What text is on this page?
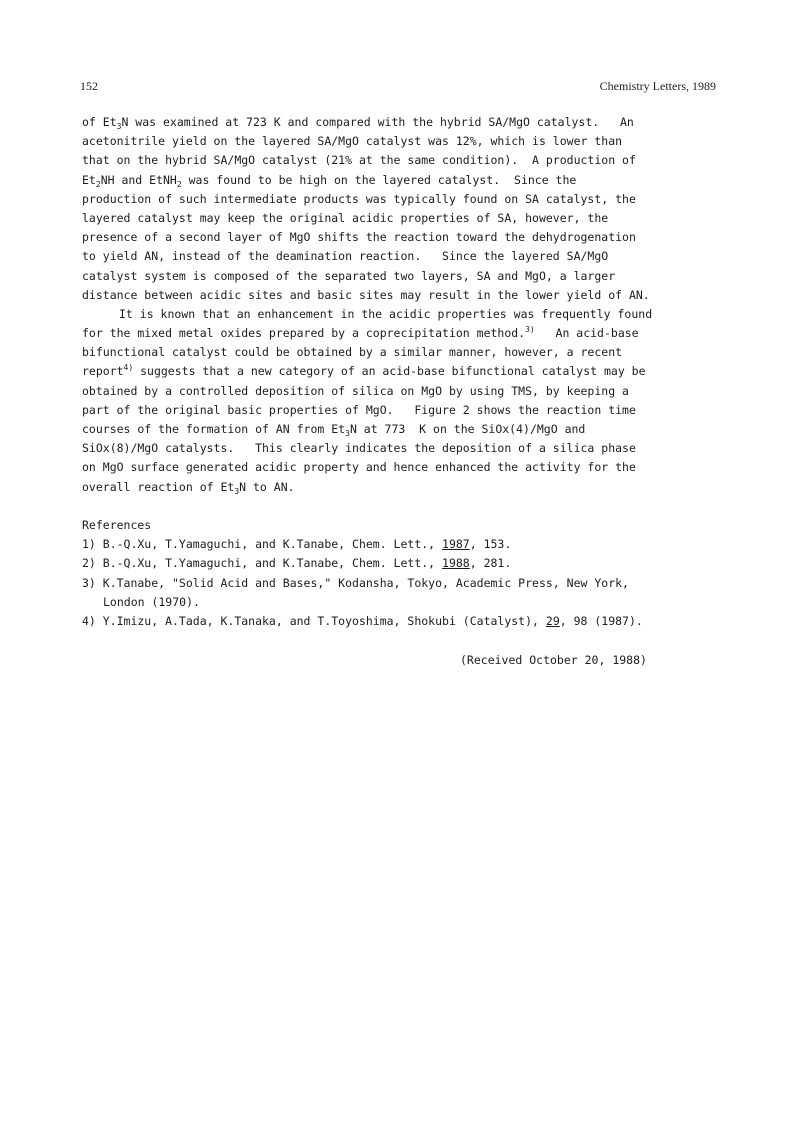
152	Chemistry Letters, 1989
of $Et_3N$ was examined at 723 K and compared with the hybrid SA/MgO catalyst.   An
acetonitrile yield on the layered SA/MgO catalyst was 12%, which is lower than
that on the hybrid SA/MgO catalyst (21% at the same condition).  A production of
$Et_2NH$ and EtNH$_2$ was found to be high on the layered catalyst.  Since the
production of such intermediate products was typically found on SA catalyst, the
layered catalyst may keep the original acidic properties of SA, however, the
presence of a second layer of MgO shifts the reaction toward the dehydrogenation
to yield AN, instead of the deamination reaction.   Since the layered SA/MgO
catalyst system is composed of the separated two layers, SA and MgO, a larger
distance between acidic sites and basic sites may result in the lower yield of AN.
It is known that an enhancement in the acidic properties was frequently found
for the mixed metal oxides prepared by a coprecipitation method.$^{3)}$   An acid-base
bifunctional catalyst could be obtained by a similar manner, however, a recent
report$^{4)}$ suggests that a new category of an acid-base bifunctional catalyst may be
obtained by a controlled deposition of silica on MgO by using TMS, by keeping a
part of the original basic properties of MgO.   Figure 2 shows the reaction time
courses of the formation of AN from $Et_3N$ at 773  K on the SiOx(4)/MgO and
SiOx(8)/MgO catalysts.   This clearly indicates the deposition of a silica phase
on MgO surface generated acidic property and hence enhanced the activity for the
overall reaction of $Et_3N$ to AN.
References
1) B.-Q.Xu, T.Yamaguchi, and K.Tanabe, Chem. Lett., 1987, 153.
2) B.-Q.Xu, T.Yamaguchi, and K.Tanabe, Chem. Lett., 1988, 281.
3) K.Tanabe, "Solid Acid and Bases," Kodansha, Tokyo, Academic Press, New York,
London (1970).
4) Y.Imizu, A.Tada, K.Tanaka, and T.Toyoshima, Shokubi (Catalyst), 29, 98 (1987).
(Received October 20, 1988)
